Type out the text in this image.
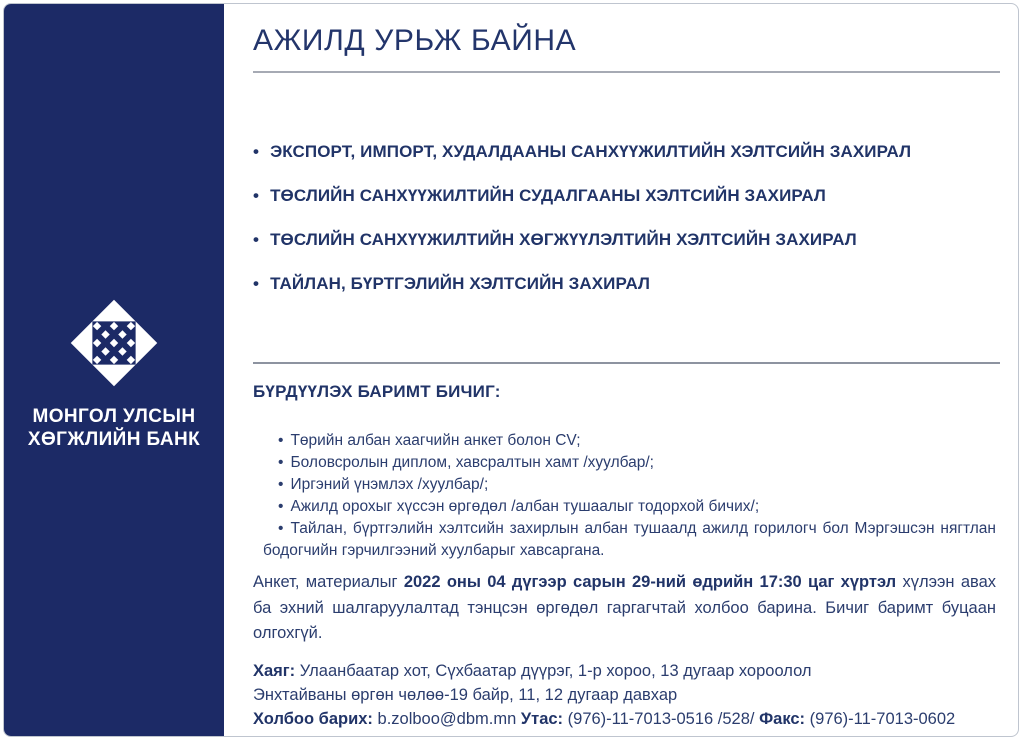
МОНГОЛ УЛСЫН
ХӨГЖЛИЙН БАНК
АЖИЛД УРЬЖ БАЙНА
• ЭКСПОРТ, ИМПОРТ, ХУДАЛДААНЫ САНХҮҮЖИЛТИЙН ХЭЛТСИЙН ЗАХИРАЛ
• ТӨСЛИЙН САНХҮҮЖИЛТИЙН СУДАЛГААНЫ ХЭЛТСИЙН ЗАХИРАЛ
• ТӨСЛИЙН САНХҮҮЖИЛТИЙН ХӨГЖҮҮЛЭЛТИЙН ХЭЛТСИЙН ЗАХИРАЛ
• ТАЙЛАН, БҮРТГЭЛИЙН ХЭЛТСИЙН ЗАХИРАЛ
БҮРДҮҮЛЭХ БАРИМТ БИЧИГ:
• Төрийн албан хаагчийн анкет болон CV;
• Боловсролын диплом, хавсралтын хамт /хуулбар/;
• Иргэний үнэмлэх /хуулбар/;
• Ажилд орохыг хүссэн өргөдөл /албан тушаалыг тодорхой бичих/;
• Тайлан, бүртгэлийн хэлтсийн захирлын албан тушаалд ажилд горилогч бол Мэргэшсэн нягтлан бодогчийн гэрчилгээний хуулбарыг хавсаргана.

Анкет, материалыг 2022 оны 04 дүгээр сарын 29-ний өдрийн 17:30 цаг хүртэл хүлээн авах ба эхний шалгаруулалтад тэнцсэн өргөдөл гаргагчтай холбоо барина. Бичиг баримт буцаан олгохгүй.

Хаяг: Улаанбаатар хот, Сүхбаатар дүүрэг, 1-р хороо, 13 дугаар хороолол
Энхтайваны өргөн чөлөө-19 байр, 11, 12 дугаар давхар
Холбоо барих: b.zolboo@dbm.mn Утас: (976)-11-7013-0516 /528/ Факс: (976)-11-7013-0602
